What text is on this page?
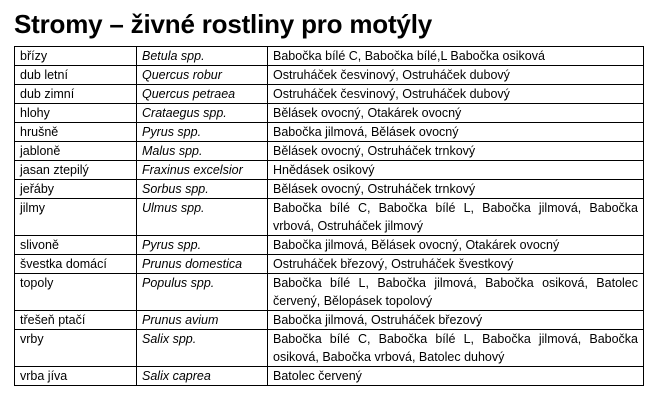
Stromy – živné rostliny pro motýly
břízy	Betula spp.	Babočka bílé C, Babočka bílé,L Babočka osiková
dub letní	Quercus robur	Ostruháček česvinový, Ostruháček dubový
dub zimní	Quercus petraea	Ostruháček česvinový, Ostruháček dubový
hlohy	Crataegus spp.	Bělásek ovocný, Otakárek ovocný
hrušně	Pyrus spp.	Babočka jilmová, Bělásek ovocný
jabloně	Malus spp.	Bělásek ovocný, Ostruháček trnkový
jasan ztepilý	Fraxinus excelsior	Hnědásek osikový
jeřáby	Sorbus spp.	Bělásek ovocný, Ostruháček trnkový
jilmy	Ulmus spp.	Babočka bílé C, Babočka bílé L, Babočka jilmová, Babočka vrbová, Ostruháček jilmový
slivoně	Pyrus spp.	Babočka jilmová, Bělásek ovocný, Otakárek ovocný
švestka domácí	Prunus domestica	Ostruháček březový, Ostruháček švestkový
topoly	Populus spp.	Babočka bílé L, Babočka jilmová, Babočka osiková, Batolec červený, Bělopásek topolový
třešeň ptačí	Prunus avium	Babočka jilmová, Ostruháček březový
vrby	Salix spp.	Babočka bílé C, Babočka bílé L, Babočka jilmová, Babočka osiková, Babočka vrbová, Batolec duhový
vrba jíva	Salix caprea	Batolec červený
